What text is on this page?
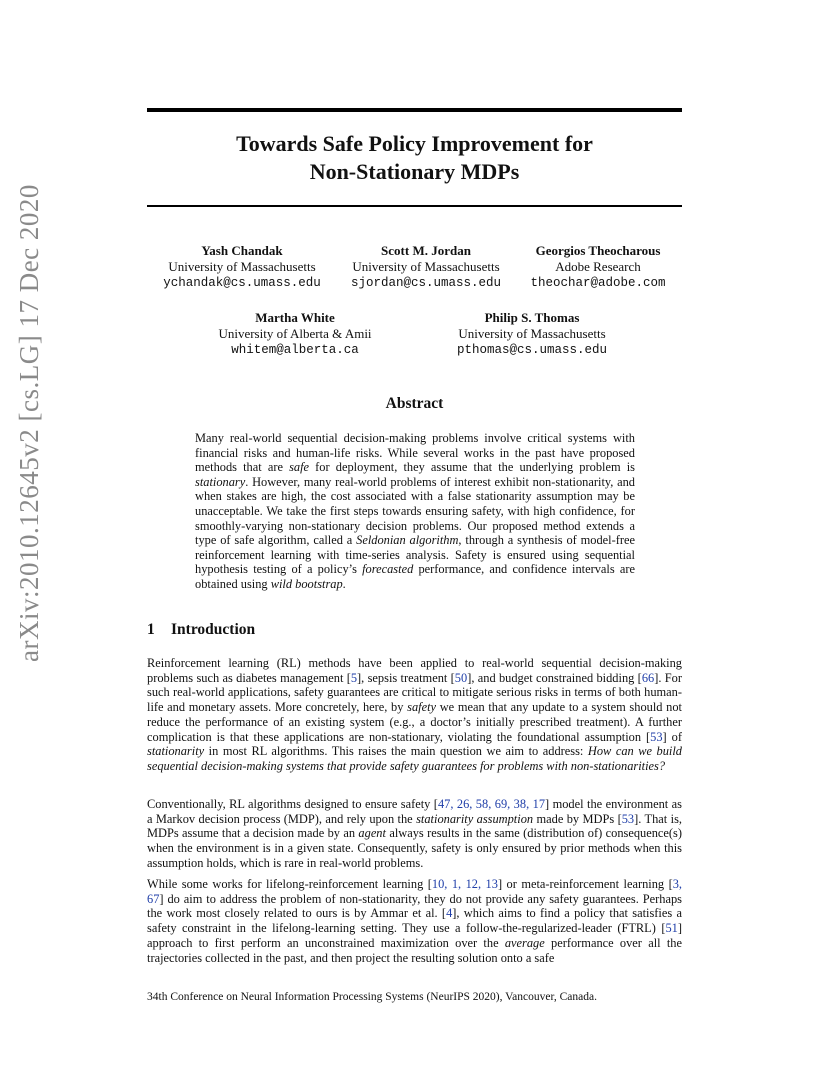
arXiv:2010.12645v2 [cs.LG] 17 Dec 2020
Towards Safe Policy Improvement for
Non-Stationary MDPs
Yash Chandak
University of Massachusetts
ychandak@cs.umass.edu
Scott M. Jordan
University of Massachusetts
sjordan@cs.umass.edu
Georgios Theocharous
Adobe Research
theochar@adobe.com
Martha White
University of Alberta & Amii
whitem@alberta.ca
Philip S. Thomas
University of Massachusetts
pthomas@cs.umass.edu
Abstract
Many real-world sequential decision-making problems involve critical systems with financial risks and human-life risks. While several works in the past have proposed methods that are safe for deployment, they assume that the underlying problem is stationary. However, many real-world problems of interest exhibit non-stationarity, and when stakes are high, the cost associated with a false stationarity assumption may be unacceptable. We take the first steps towards ensuring safety, with high confidence, for smoothly-varying non-stationary decision problems. Our proposed method extends a type of safe algorithm, called a Seldonian algorithm, through a synthesis of model-free reinforcement learning with time-series analysis. Safety is ensured using sequential hypothesis testing of a policy’s forecasted performance, and confidence intervals are obtained using wild bootstrap.
1 Introduction

Reinforcement learning (RL) methods have been applied to real-world sequential decision-making problems such as diabetes management [5], sepsis treatment [50], and budget constrained bidding [66]. For such real-world applications, safety guarantees are critical to mitigate serious risks in terms of both human-life and monetary assets. More concretely, here, by safety we mean that any update to a system should not reduce the performance of an existing system (e.g., a doctor’s initially prescribed treatment). A further complication is that these applications are non-stationary, violating the foundational assumption [53] of stationarity in most RL algorithms. This raises the main question we aim to address: How can we build sequential decision-making systems that provide safety guarantees for problems with non-stationarities?

Conventionally, RL algorithms designed to ensure safety [47, 26, 58, 69, 38, 17] model the environment as a Markov decision process (MDP), and rely upon the stationarity assumption made by MDPs [53]. That is, MDPs assume that a decision made by an agent always results in the same (distribution of) consequence(s) when the environment is in a given state. Consequently, safety is only ensured by prior methods when this assumption holds, which is rare in real-world problems.

While some works for lifelong-reinforcement learning [10, 1, 12, 13] or meta-reinforcement learning [3, 67] do aim to address the problem of non-stationarity, they do not provide any safety guarantees. Perhaps the work most closely related to ours is by Ammar et al. [4], which aims to find a policy that satisfies a safety constraint in the lifelong-learning setting. They use a follow-the-regularized-leader (FTRL) [51] approach to first perform an unconstrained maximization over the average performance over all the trajectories collected in the past, and then project the resulting solution onto a safe

34th Conference on Neural Information Processing Systems (NeurIPS 2020), Vancouver, Canada.
